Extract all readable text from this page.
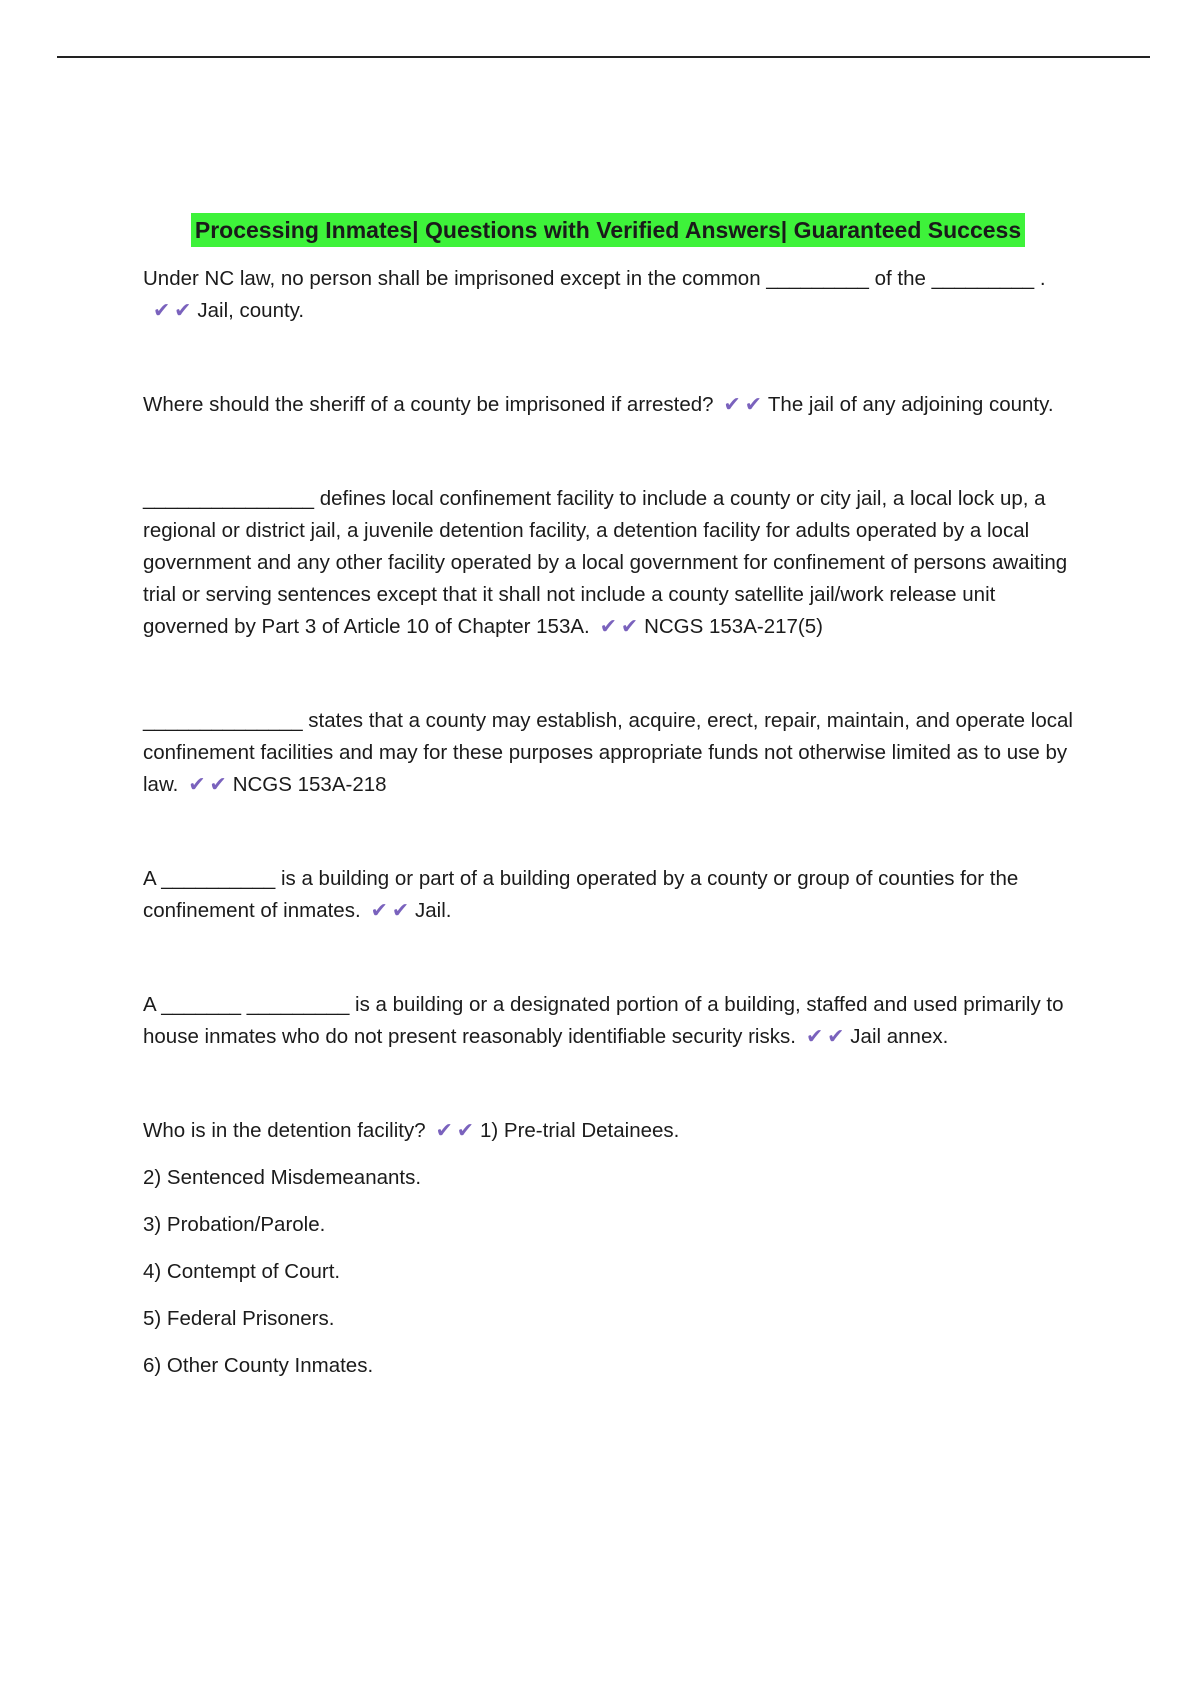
Processing Inmates| Questions with Verified Answers| Guaranteed Success

Under NC law, no person shall be imprisoned except in the common _________ of the _________ .✔✔Jail, county.

Where should the sheriff of a county be imprisoned if arrested? ✔✔The jail of any adjoining county.

_______________ defines local confinement facility to include a county or city jail, a local lock up, a regional or district jail, a juvenile detention facility, a detention facility for adults operated by a local government and any other facility operated by a local government for confinement of persons awaiting trial or serving sentences except that it shall not include a county satellite jail/work release unit governed by Part 3 of Article 10 of Chapter 153A. ✔✔NCGS 153A-217(5)

______________ states that a county may establish, acquire, erect, repair, maintain, and operate local confinement facilities and may for these purposes appropriate funds not otherwise limited as to use by law. ✔✔NCGS 153A-218

A __________ is a building or part of a building operated by a county or group of counties for the confinement of inmates. ✔✔Jail.

A _______ _________ is a building or a designated portion of a building, staffed and used primarily to house inmates who do not present reasonably identifiable security risks. ✔✔Jail annex.

Who is in the detention facility? ✔✔1) Pre-trial Detainees.

2) Sentenced Misdemeanants.
3) Probation/Parole.
4) Contempt of Court.
5) Federal Prisoners.
6) Other County Inmates.
